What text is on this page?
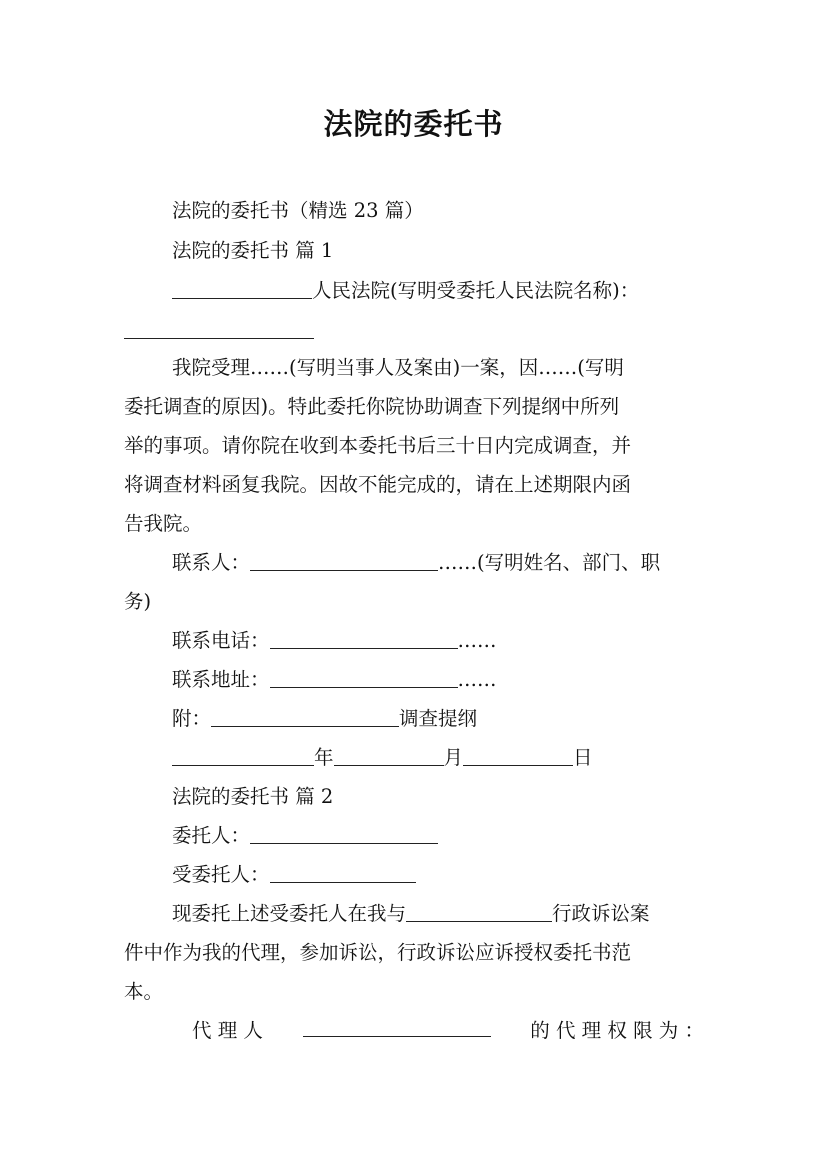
法院的委托书
法院的委托书（精选 23 篇）
法院的委托书 篇 1
人民法院(写明受委托人民法院名称)：
我院受理……(写明当事人及案由)一案，因……(写明
委托调查的原因)。特此委托你院协助调查下列提纲中所列
举的事项。请你院在收到本委托书后三十日内完成调查，并
将调查材料函复我院。因故不能完成的，请在上述期限内函
告我院。
联系人：	……(写明姓名、部门、职
务)
联系电话：	……
联系地址：	……
附：	调查提纲
年	月	日
法院的委托书 篇 2
委托人：
受委托人：
现委托上述受委托人在我与	行政诉讼案
件中作为我的代理，参加诉讼，行政诉讼应诉授权委托书范
本。
代 理 人	的 代 理 权 限 为 ：
